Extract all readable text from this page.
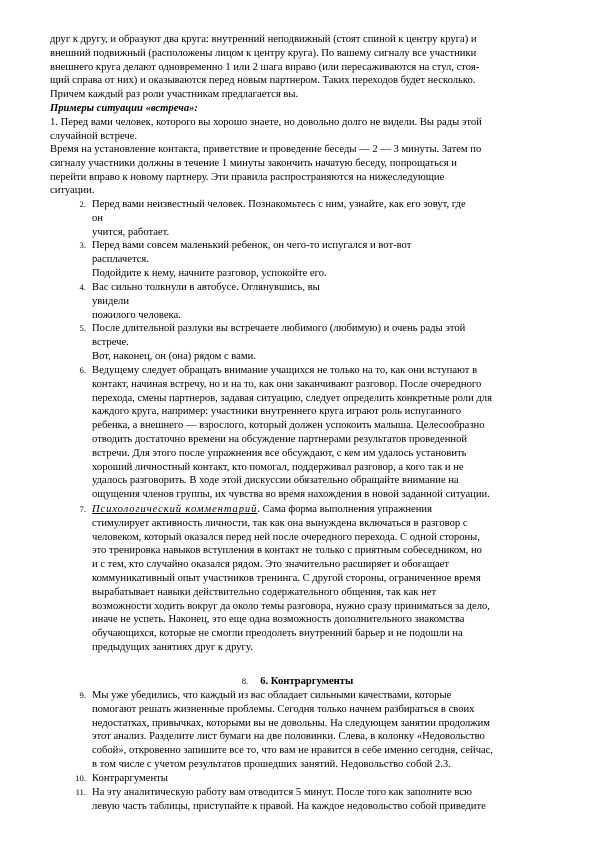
друг к другу, и образуют два круга: внутренний неподвижный (стоят спиной к центру круга) и
внешний подвижный (расположены лицом к центру круга). По вашему сигналу все участники
внешнего круга делают одновременно 1 или 2 шага вправо (или пересаживаются на стул, стоя-
щий справа от них) и оказываются перед новым партнером. Таких переходов будет несколько.
Причем каждый раз роли участникам предлагается вы.

Примеры ситуации «встреча»:

1. Перед вами человек, которого вы хорошо знаете, но довольно долго не видели. Вы рады этой
случайной встрече.

Время на установление контакта, приветствие и проведение беседы — 2 — 3 минуты. Затем по
сигналу участники должны в течение 1 минуты закончить начатую беседу, попрощаться и
перейти вправо к новому партнеру. Эти правила распространяются на нижеследующие
ситуации.

2. Перед вами неизвестный человек. Познакомьтесь с ним, узнайте, как его зовут, где
он
учится, работает.

3. Перед вами совсем маленький ребенок, он чего-то испугался и вот-вот
расплачется.
Подойдите к нему, начните разговор, успокойте его.

4. Вас сильно толкнули в автобусе. Оглянувшись, вы
увидели
пожилого человека.

5. После длительной разлуки вы встречаете любимого (любимую) и очень рады этой
встрече.
Вот, наконец, он (она) рядом с вами.

6. Ведущему следует обращать внимание учащихся не только на то, как они вступают в
контакт, начиная встречу, но и на то, как они заканчивают разговор. После очередного
перехода, смены партнеров, задавая ситуацию, следует определить конкретные роли для
каждого круга, например: участники внутреннего круга играют роль испуганного
ребенка, а внешнего — взрослого, который должен успокоить малыша. Целесообразно
отводить достаточно времени на обсуждение партнерами результатов проведенной
встречи. Для этого после упражнения все обсуждают, с кем им удалось установить
хороший личностный контакт, кто помогал, поддерживал разговор, а кого так и не
удалось разговорить. В ходе этой дискуссии обязательно обращайте внимание на
ощущения членов группы, их чувства во время нахождения в новой заданной ситуации.

7. Психологический комментарий. Сама форма выполнения упражнения
стимулирует активность личности, так как она вынуждена включаться в разговор с
человеком, который оказался перед ней после очередного перехода. С одной стороны,
это тренировка навыков вступления в контакт не только с приятным собеседником, но
и с тем, кто случайно оказался рядом. Это значительно расширяет и обогащает
коммуникативный опыт участников тренинга. С другой стороны, ограниченное время
вырабатывает навыки действительно содержательного общения, так как нет
возможности ходить вокруг да около темы разговора, нужно сразу приниматься за дело,
иначе не успеть. Наконец, это еще одна возможность дополнительного знакомства
обучающихся, которые не смогли преодолеть внутренний барьер и не подошли на
предыдущих занятиях друг к другу.

8. 6. Контраргументы
9. Мы уже убедились, что каждый из вас обладает сильными качествами, которые
помогают решать жизненные проблемы. Сегодня только начнем разбираться в своих
недостатках, привычках, которыми вы не довольны. На следующем занятии продолжим
этот анализ. Разделите лист бумаги на две половинки. Слева, в колонку «Недовольство
собой», откровенно запишите все то, что вам не нравится в себе именно сегодня, сейчас,
в том числе с учетом результатов прошедших занятий. Недовольство собой 2.3.

10. Контраргументы

11. На эту аналитическую работу вам отводится 5 минут. После того как заполните всю
левую часть таблицы, приступайте к правой. На каждое недовольство собой приведите
